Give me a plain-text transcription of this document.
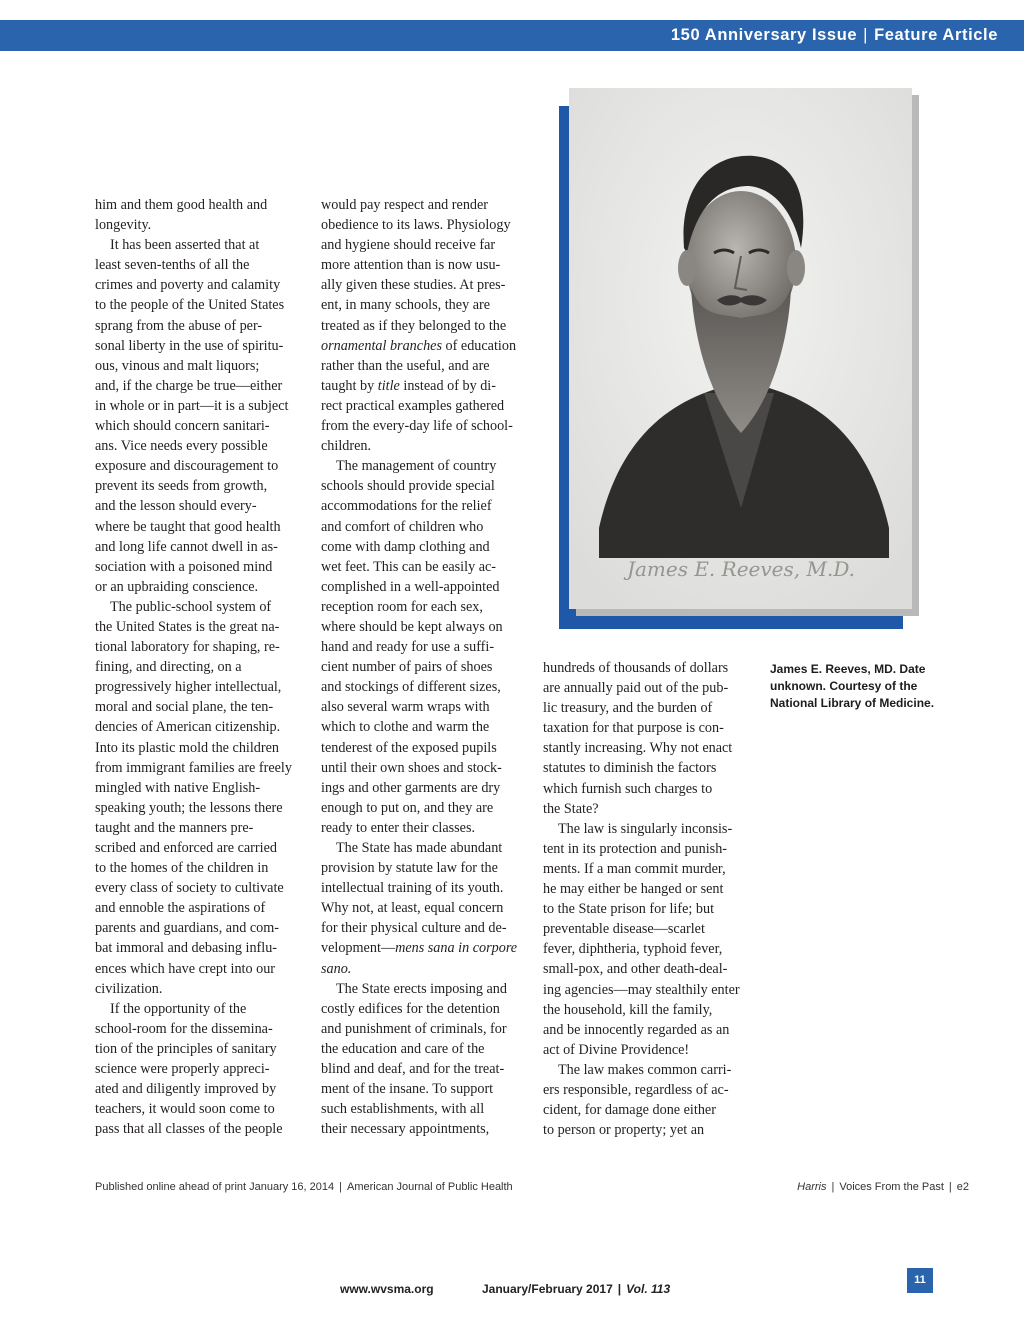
150 Anniversary Issue | Feature Article

him and them good health and

longevity.

It has been asserted that at

least seven-tenths of all the

crimes and poverty and calamity

to the people of the United States

sprang from the abuse of per-

sonal liberty in the use of spiritu-

ous, vinous and malt liquors;

and, if the charge be true—either

in whole or in part—it is a subject

which should concern sanitari-

ans. Vice needs every possible

exposure and discouragement to

prevent its seeds from growth,

and the lesson should every-

where be taught that good health

and long life cannot dwell in as-

sociation with a poisoned mind

or an upbraiding conscience.

The public-school system of

the United States is the great na-

tional laboratory for shaping, re-

fining, and directing, on a

progressively higher intellectual,

moral and social plane, the ten-

dencies of American citizenship.

Into its plastic mold the children

from immigrant families are freely

mingled with native English-

speaking youth; the lessons there

taught and the manners pre-

scribed and enforced are carried

to the homes of the children in

every class of society to cultivate

and ennoble the aspirations of

parents and guardians, and com-

bat immoral and debasing influ-

ences which have crept into our

civilization.

If the opportunity of the

school-room for the dissemina-

tion of the principles of sanitary

science were properly appreci-

ated and diligently improved by

teachers, it would soon come to

pass that all classes of the people

would pay respect and render

obedience to its laws. Physiology

and hygiene should receive far

more attention than is now usu-

ally given these studies. At pres-

ent, in many schools, they are

treated as if they belonged to the

ornamental branches of education

rather than the useful, and are

taught by title instead of by di-

rect practical examples gathered

from the every-day life of school-

children.

The management of country

schools should provide special

accommodations for the relief

and comfort of children who

come with damp clothing and

wet feet. This can be easily ac-

complished in a well-appointed

reception room for each sex,

where should be kept always on

hand and ready for use a suffi-

cient number of pairs of shoes

and stockings of different sizes,

also several warm wraps with

which to clothe and warm the

tenderest of the exposed pupils

until their own shoes and stock-

ings and other garments are dry

enough to put on, and they are

ready to enter their classes.

The State has made abundant

provision by statute law for the

intellectual training of its youth.

Why not, at least, equal concern

for their physical culture and de-

velopment—mens sana in corpore

sano.

The State erects imposing and

costly edifices for the detention

and punishment of criminals, for

the education and care of the

blind and deaf, and for the treat-

ment of the insane. To support

such establishments, with all

their necessary appointments,

hundreds of thousands of dollars

are annually paid out of the pub-

lic treasury, and the burden of

taxation for that purpose is con-

stantly increasing. Why not enact

statutes to diminish the factors

which furnish such charges to

the State?

The law is singularly inconsis-

tent in its protection and punish-

ments. If a man commit murder,

he may either be hanged or sent

to the State prison for life; but

preventable disease—scarlet

fever, diphtheria, typhoid fever,

small-pox, and other death-deal-

ing agencies—may stealthily enter

the household, kill the family,

and be innocently regarded as an

act of Divine Providence!

The law makes common carri-

ers responsible, regardless of ac-

cident, for damage done either

to person or property; yet an

James E. Reeves, M.D.

James E. Reeves, MD. Date

unknown. Courtesy of the

National Library of Medicine.

Published online ahead of print January 16, 2014 | American Journal of Public Health	Harris | Voices From the Past | e2
www.wvsma.org	January/February 2017 | Vol. 113
11
